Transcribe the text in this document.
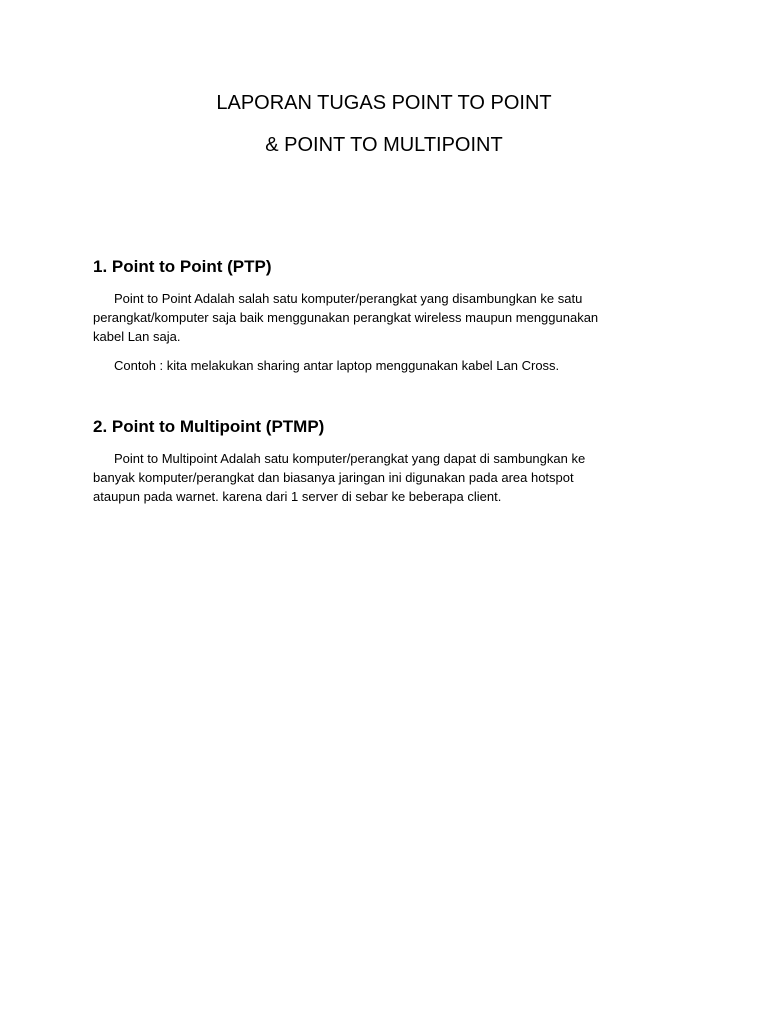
LAPORAN TUGAS POINT TO POINT
& POINT TO MULTIPOINT
1. Point to Point (PTP)
Point to Point Adalah salah satu komputer/perangkat yang disambungkan ke satu
perangkat/komputer saja baik menggunakan perangkat wireless maupun menggunakan
kabel Lan saja.
Contoh : kita melakukan sharing antar laptop menggunakan kabel Lan Cross.
2. Point to Multipoint (PTMP)
Point to Multipoint Adalah satu komputer/perangkat yang dapat di sambungkan ke
banyak komputer/perangkat dan biasanya jaringan ini digunakan pada area hotspot
ataupun pada warnet. karena dari 1 server di sebar ke beberapa client.
